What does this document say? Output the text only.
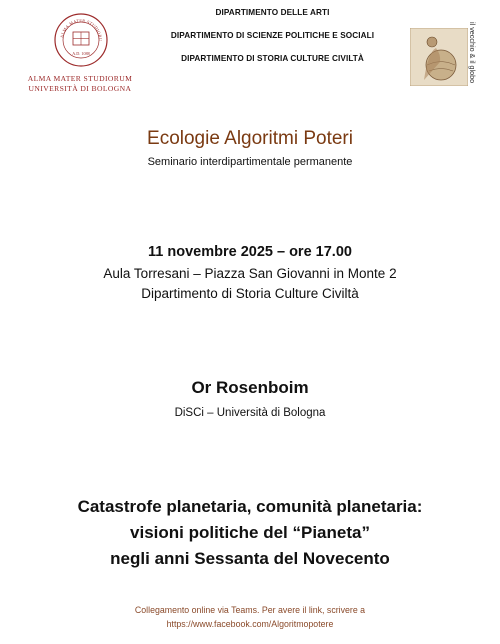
ALMA MATER STUDIORU
A.D. 1088
ALMA MATER STUDIORUM
UNIVERSITÀ DI BOLOGNA
DIPARTIMENTO DELLE ARTI
DIPARTIMENTO DI SCIENZE POLITICHE E SOCIALI
DIPARTIMENTO DI STORIA CULTURE CIVILTÀ	il vecchio & il globo
Ecologie Algoritmi Poteri
Seminario interdipartimentale permanente
11 novembre 2025 – ore 17.00
Aula Torresani – Piazza San Giovanni in Monte 2
Dipartimento di Storia Culture Civiltà
Or Rosenboim
DiSCi – Università di Bologna
Catastrofe planetaria, comunità planetaria:
visioni politiche del “Pianeta”
negli anni Sessanta del Novecento
Collegamento online via Teams. Per avere il link, scrivere a
https://www.facebook.com/Algoritmopotere
